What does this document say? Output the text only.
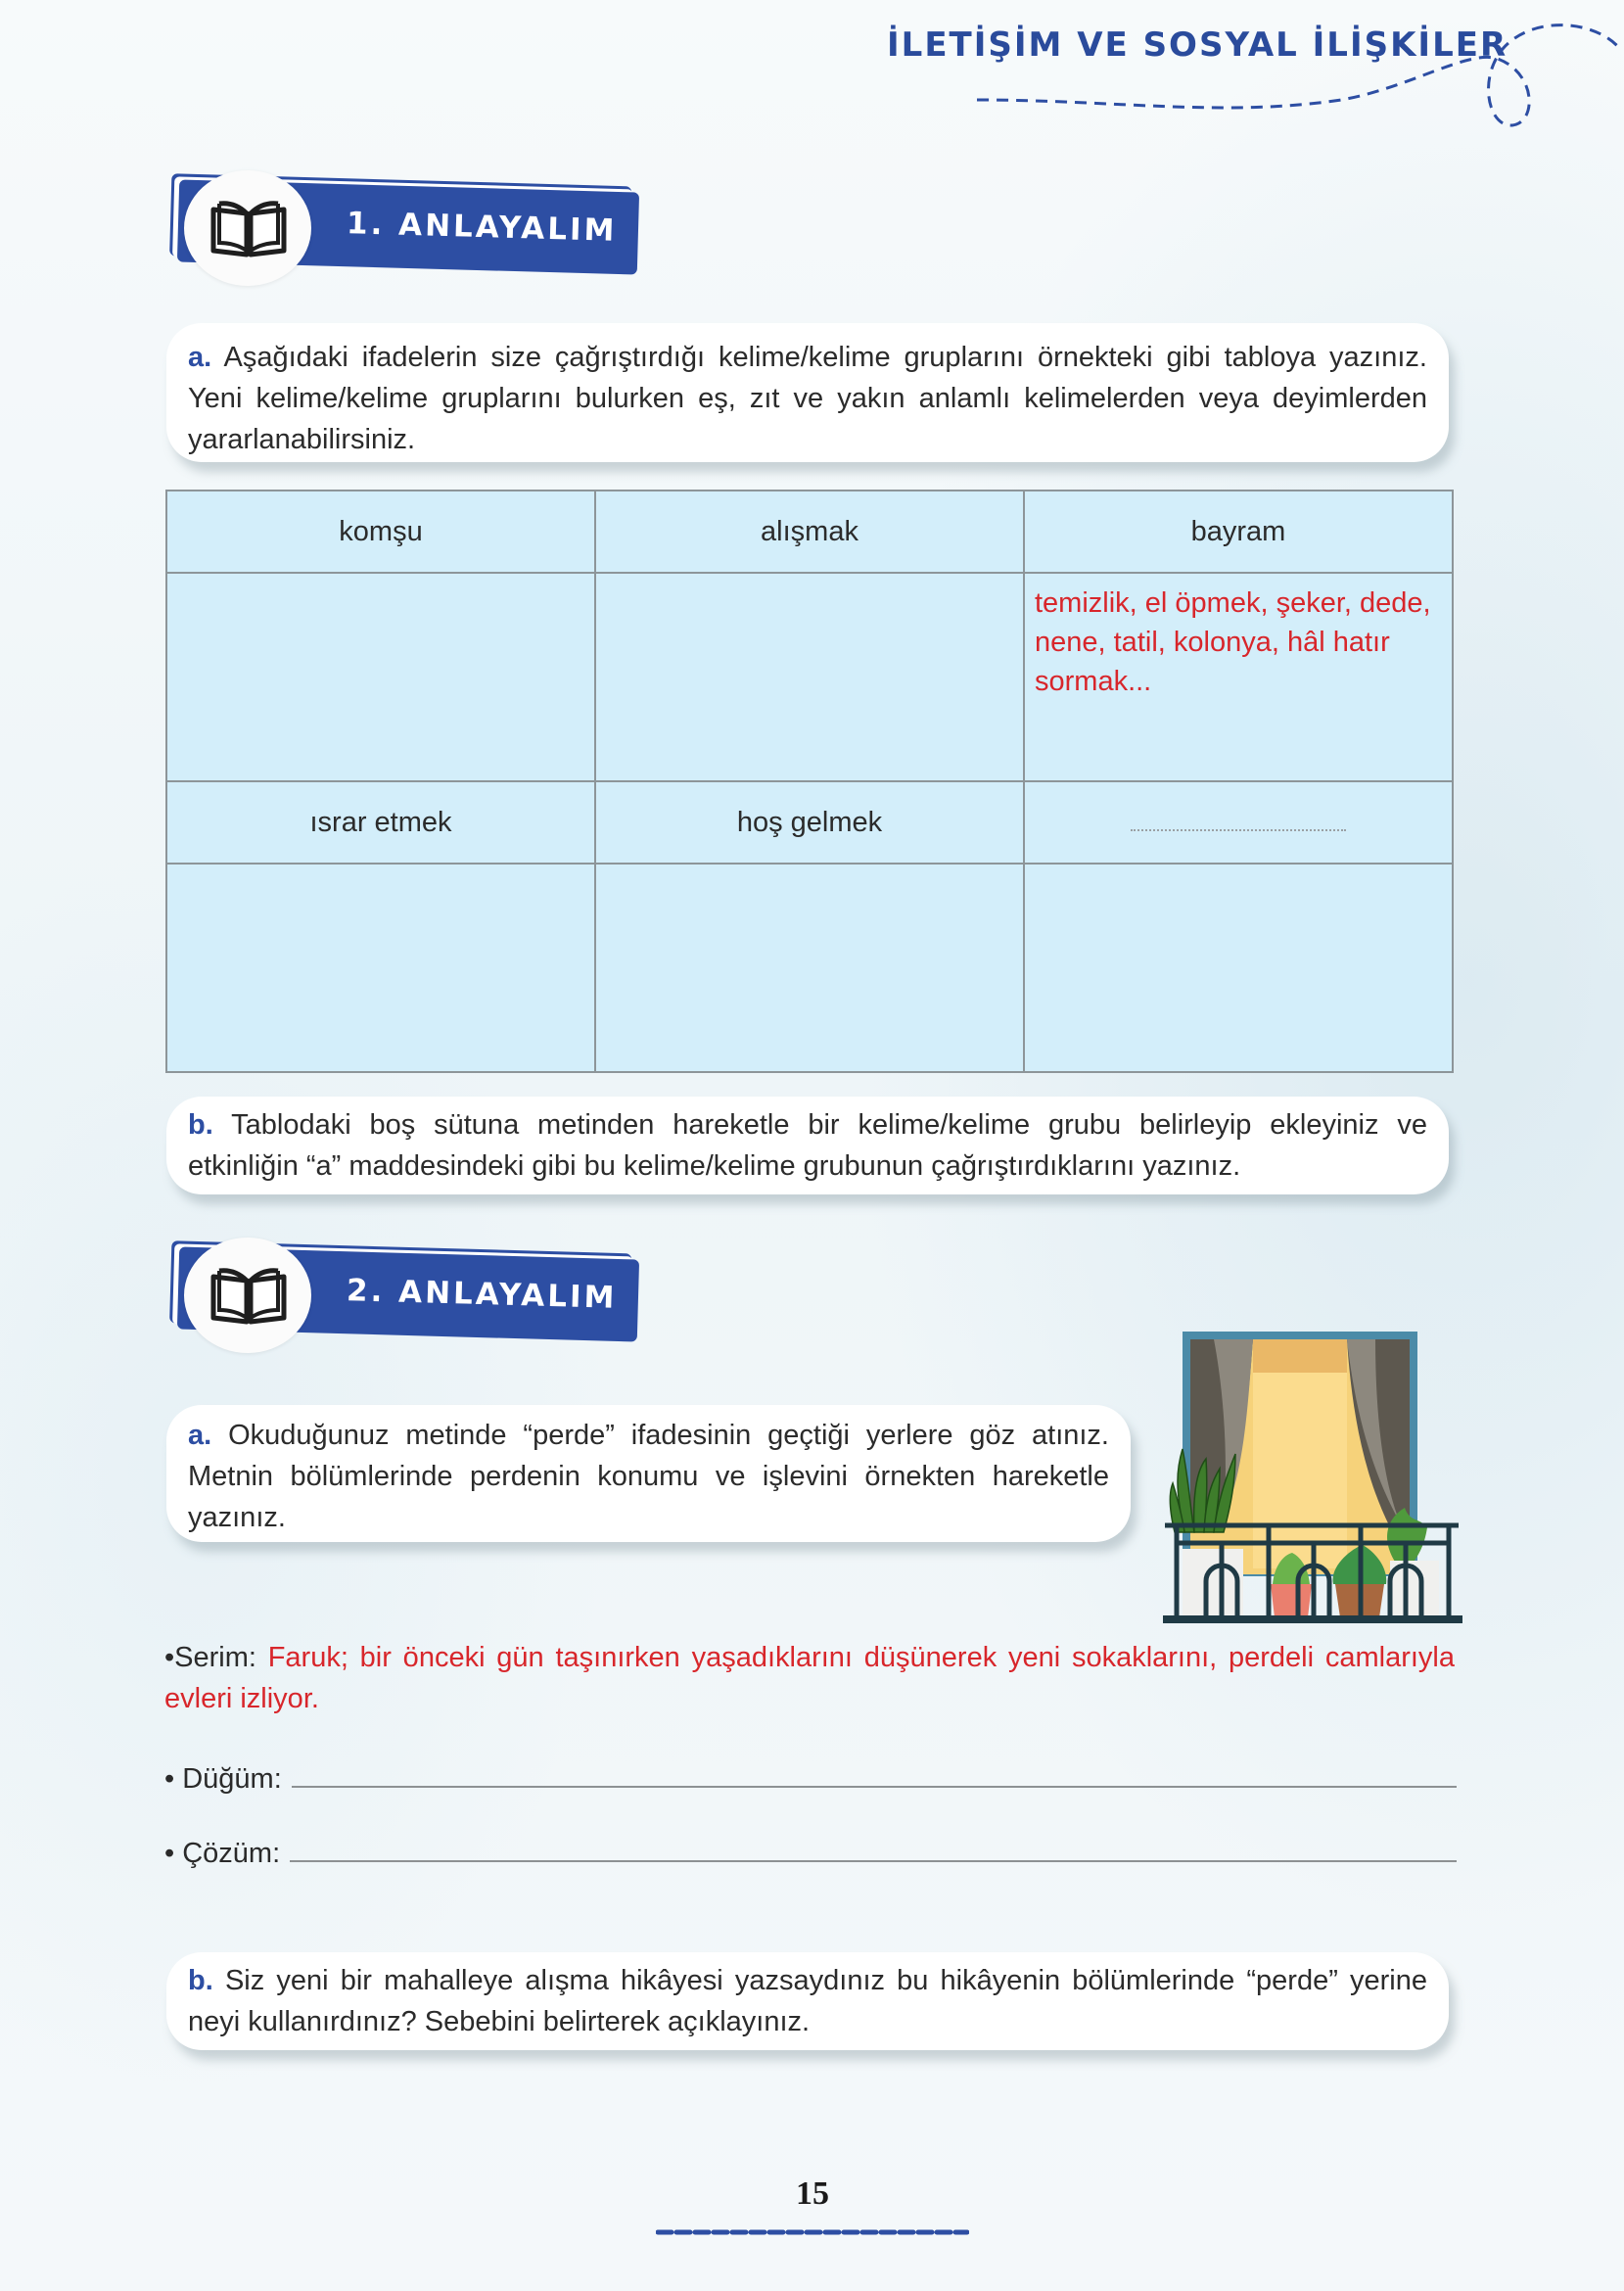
İLETİŞİM VE SOSYAL İLİŞKİLER
1. ANLAYALIM
a. Aşağıdaki ifadelerin size çağrıştırdığı kelime/kelime gruplarını örnekteki gibi tabloya yazınız. Yeni kelime/kelime gruplarını bulurken eş, zıt ve yakın anlamlı kelimelerden veya deyimlerden yararlanabilirsiniz.
komşu	alışmak	bayram
		temizlik, el öpmek, şeker, dede, nene, tatil, kolonya, hâl hatır sormak...
ısrar etmek	hoş gelmek	

b. Tablodaki boş sütuna metinden hareketle bir kelime/kelime grubu belirleyip ekleyiniz ve etkinliğin “a” maddesindeki gibi bu kelime/kelime grubunun çağrıştırdıklarını yazınız.
2. ANLAYALIM
a. Okuduğunuz metinde “perde” ifadesinin geçtiği yerlere göz atınız. Metnin bölümlerinde perdenin konumu ve işlevini örnekten hareketle yazınız.
•Serim: Faruk; bir önceki gün taşınırken yaşadıklarını düşünerek yeni sokaklarını, perdeli camlarıyla evleri izliyor.
• Düğüm:
• Çözüm:
b. Siz yeni bir mahalleye alışma hikâyesi yazsaydınız bu hikâyenin bölümlerinde “perde” yerine neyi kullanırdınız? Sebebini belirterek açıklayınız.
15
